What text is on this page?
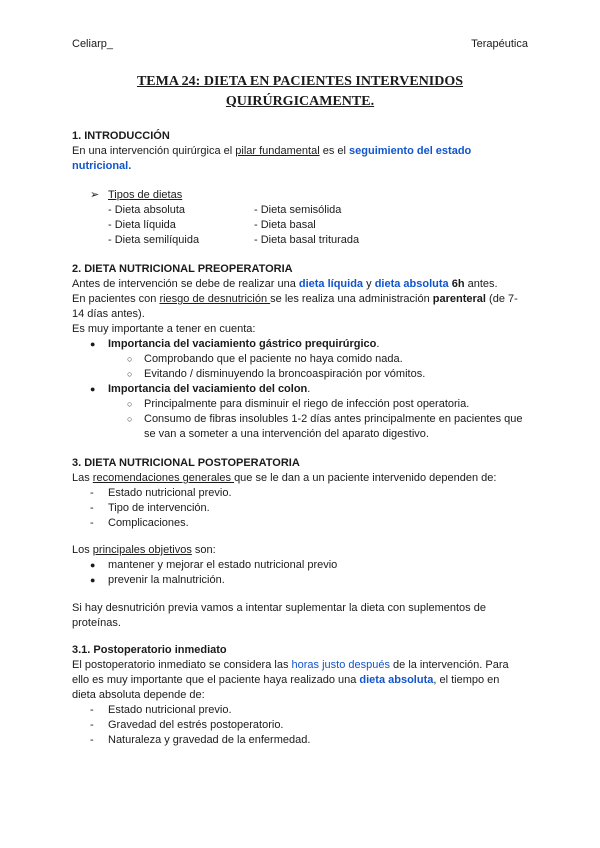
Celiarp_	Terapéutica
TEMA 24: DIETA EN PACIENTES INTERVENIDOS
QUIRÚRGICAMENTE.
1. INTRODUCCIÓN
En una intervención quirúrgica el pilar fundamental es el seguimiento del estado
nutricional.
➢ Tipos de dietas
- Dieta absoluta
- Dieta líquida
- Dieta semilíquida
- Dieta semisólida
- Dieta basal
- Dieta basal triturada
2. DIETA NUTRICIONAL PREOPERATORIA
Antes de intervención se debe de realizar una dieta líquida y dieta absoluta 6h antes.
En pacientes con riesgo de desnutrición se les realiza una administración parenteral (de 7-
14 días antes).
Es muy importante a tener en cuenta:
● Importancia del vaciamiento gástrico prequirúrgico.
○ Comprobando que el paciente no haya comido nada.
○ Evitando / disminuyendo la broncoaspiración por vómitos.
● Importancia del vaciamiento del colon.
○ Principalmente para disminuir el riego de infección post operatoria.
○ Consumo de fibras insolubles 1-2 días antes principalmente en pacientes que
se van a someter a una intervención del aparato digestivo.
3. DIETA NUTRICIONAL POSTOPERATORIA
Las recomendaciones generales que se le dan a un paciente intervenido dependen de:
- Estado nutricional previo.
- Tipo de intervención.
- Complicaciones.
Los principales objetivos son:
● mantener y mejorar el estado nutricional previo
● prevenir la malnutrición.
Si hay desnutrición previa vamos a intentar suplementar la dieta con suplementos de
proteínas.
3.1. Postoperatorio inmediato
El postoperatorio inmediato se considera las horas justo después de la intervención. Para
ello es muy importante que el paciente haya realizado una dieta absoluta, el tiempo en
dieta absoluta depende de:
- Estado nutricional previo.
- Gravedad del estrés postoperatorio.
- Naturaleza y gravedad de la enfermedad.
